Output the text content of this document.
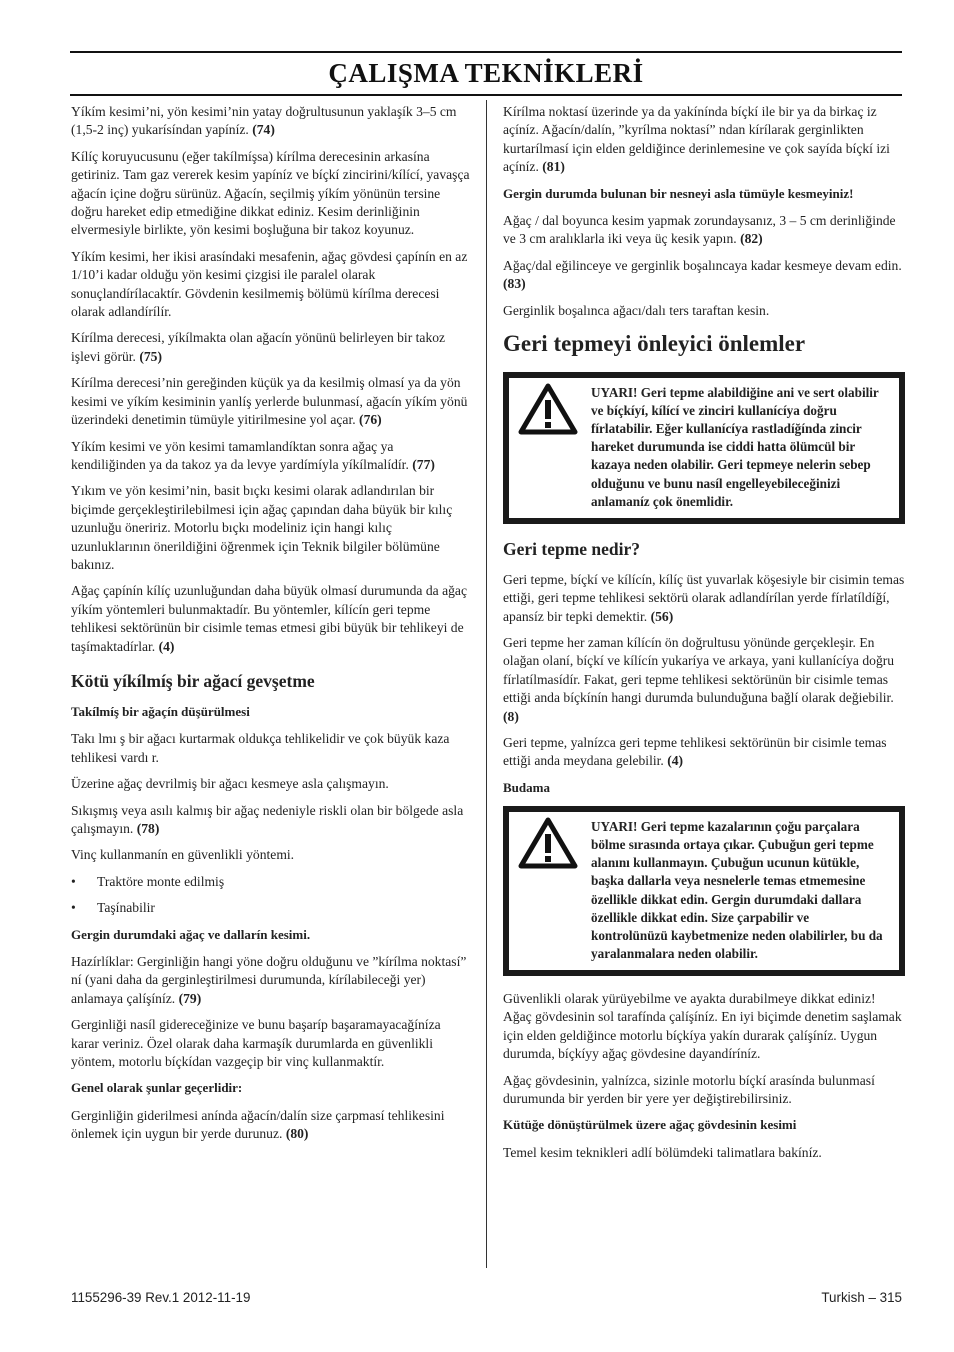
ÇALIŞMA TEKNİKLERİ

Yíkím kesimi’ni, yön kesimi’nin yatay doğrultusunun yaklaşík 3–5 cm (1,5-2 inç) yukarísíndan yapíníz. (74)

Kílíç koruyucusunu (eğer takílmíşsa) kírílma derecesinin arkasína getiriniz. Tam gaz vererek kesim yapíníz ve bíçkí zincirini/kílící, yavaşça ağacín içine doğru sürünüz. Ağacín, seçilmiş yíkím yönünün tersine doğru hareket edip etmediğine dikkat ediniz. Kesim derinliğinin elvermesiyle birlikte, yön kesimi boşluğuna bir takoz koyunuz.

Yíkím kesimi, her ikisi arasíndaki mesafenin, ağaç gövdesi çapínín en az 1/10’i kadar olduğu yön kesimi çizgisi ile paralel olarak sonuçlandírílacaktír. Gövdenin kesilmemiş bölümü kírílma derecesi olarak adlandírílír.

Kírílma derecesi, yíkílmakta olan ağacín yönünü belirleyen bir takoz işlevi görür. (75)

Kírílma derecesi’nin gereğinden küçük ya da kesilmiş olmasí ya da yön kesimi ve yíkím kesiminin yanlíş yerlerde bulunmasí, ağacín yíkím yönü üzerindeki denetimin tümüyle yitirilmesine yol açar. (76)

Yíkím kesimi ve yön kesimi tamamlandíktan sonra ağaç ya kendiliğinden ya da takoz ya da levye yardímíyla yíkílmalídír. (77)

Yıkım ve yön kesimi’nin, basit bıçkı kesimi olarak adlandırılan bir biçimde gerçekleştirilebilmesi için ağaç çapından daha büyük bir kılıç uzunluğu öneririz. Motorlu bıçkı modeliniz için hangi kılıç uzunluklarının önerildiğini öğrenmek için Teknik bilgiler bölümüne bakınız.

Ağaç çapínín kílíç uzunluğundan daha büyük olmasí durumunda da ağaç yíkím yöntemleri bulunmaktadír. Bu yöntemler, kílícín geri tepme tehlikesi sektörünün bir cisimle temas etmesi gibi büyük bir tehlikeyi de taşímaktadírlar. (4)

Kötü yíkílmíş bir ağací gevşetme

Takílmíş bir ağaçín düşürülmesi

Takı lmı ş bir ağacı kurtarmak oldukça tehlikelidir ve çok büyük kaza tehlikesi vardı r.

Üzerine ağaç devrilmiş bir ağacı kesmeye asla çalışmayın.

Sıkışmış veya asılı kalmış bir ağaç nedeniyle riskli olan bir bölgede asla çalışmayın. (78)

Vinç kullanmanín en güvenlikli yöntemi.

• Traktöre monte edilmiş
• Taşínabilir

Gergin durumdaki ağaç ve dallarín kesimi.

Hazírlíklar: Gerginliğin hangi yöne doğru olduğunu ve ”kírílma noktasí” ní (yani daha da gerginleştirilmesi durumunda, kírílabileceği yer) anlamaya çalíşíníz. (79)

Gerginliği nasíl gidereceğinize ve bunu başaríp başaramayacağíníza karar veriniz. Özel olarak daha karmaşík durumlarda en güvenlikli yöntem, motorlu bíçkídan vazgeçip bir vinç kullanmaktír.

Genel olarak şunlar geçerlidir:

Gerginliğin giderilmesi anínda ağacín/dalín size çarpmasí tehlikesini önlemek için uygun bir yerde durunuz. (80)

Kírílma noktasí üzerinde ya da yakínínda bíçkí ile bir ya da birkaç iz açíníz. Ağacín/dalín, ”kyrílma noktasí” ndan kírílarak gerginlikten kurtarílmasí için elden geldiğince derinlemesine ve çok sayída bíçkí izi açíníz. (81)

Gergin durumda bulunan bir nesneyi asla tümüyle kesmeyiniz!

Ağaç / dal boyunca kesim yapmak zorundaysanız, 3 – 5 cm derinliğinde ve 3 cm aralıklarla iki veya üç kesik yapın. (82)

Ağaç/dal eğilinceye ve gerginlik boşalıncaya kadar kesmeye devam edin. (83)

Gerginlik boşalınca ağacı/dalı ters taraftan kesin.

Geri tepmeyi önleyici önlemler
UYARI! Geri tepme alabildiğine ani ve sert olabilir ve bíçkíyí, kílící ve zinciri kullanícíya doğru fírlatabilir. Eğer kullanícíya rastladíğínda zincir hareket durumunda ise ciddi hatta ölümcül bir kazaya neden olabilir. Geri tepmeye nelerin sebep olduğunu ve bunu nasíl engelleyebileceğinizi anlamaníz çok önemlidir.
Geri tepme nedir?

Geri tepme, bíçkí ve kílícín, kílíç üst yuvarlak köşesiyle bir cisimin temas ettiği, geri tepme tehlikesi sektörü olarak adlandírílan yerde fírlatíldíğí, apansíz bir tepki demektir. (56)

Geri tepme her zaman kílícín ön doğrultusu yönünde gerçekleşir. En olağan olaní, bíçkí ve kílícín yukaríya ve arkaya, yani kullanícíya doğru fírlatílmasídír. Fakat, geri tepme tehlikesi sektörünün bir cisimle temas ettiği anda bíçkínín hangi durumda bulunduğuna bağlí olarak değiebilir. (8)

Geri tepme, yalnízca geri tepme tehlikesi sektörünün bir cisimle temas ettiği anda meydana gelebilir. (4)

Budama

UYARI! Geri tepme kazalarının çoğu parçalara bölme sırasında ortaya çıkar. Çubuğun geri tepme alanını kullanmayın. Çubuğun ucunun kütükle, başka dallarla veya nesnelerle temas etmemesine özellikle dikkat edin. Gergin durumdaki dallara özellikle dikkat edin. Size çarpabilir ve kontrolünüzü kaybetmenize neden olabilirler, bu da yaralanmalara neden olabilir.

Güvenlikli olarak yürüyebilme ve ayakta durabilmeye dikkat ediniz! Ağaç gövdesinin sol tarafínda çalíşíníz. En iyi biçimde denetim saşlamak için elden geldiğince motorlu bíçkíya yakín durarak çalíşíníz. Uygun durumda, bíçkíyy ağaç gövdesine dayandíríníz.

Ağaç gövdesinin, yalnízca, sizinle motorlu bíçkí arasínda bulunmasí durumunda bir yerden bir yere yer değiştirebilirsiniz.

Kütüğe dönüştürülmek üzere ağaç gövdesinin kesimi

Temel kesim teknikleri adlí bölümdeki talimatlara bakíníz.

1155296-39 Rev.1 2012-11-19	Turkish – 315
